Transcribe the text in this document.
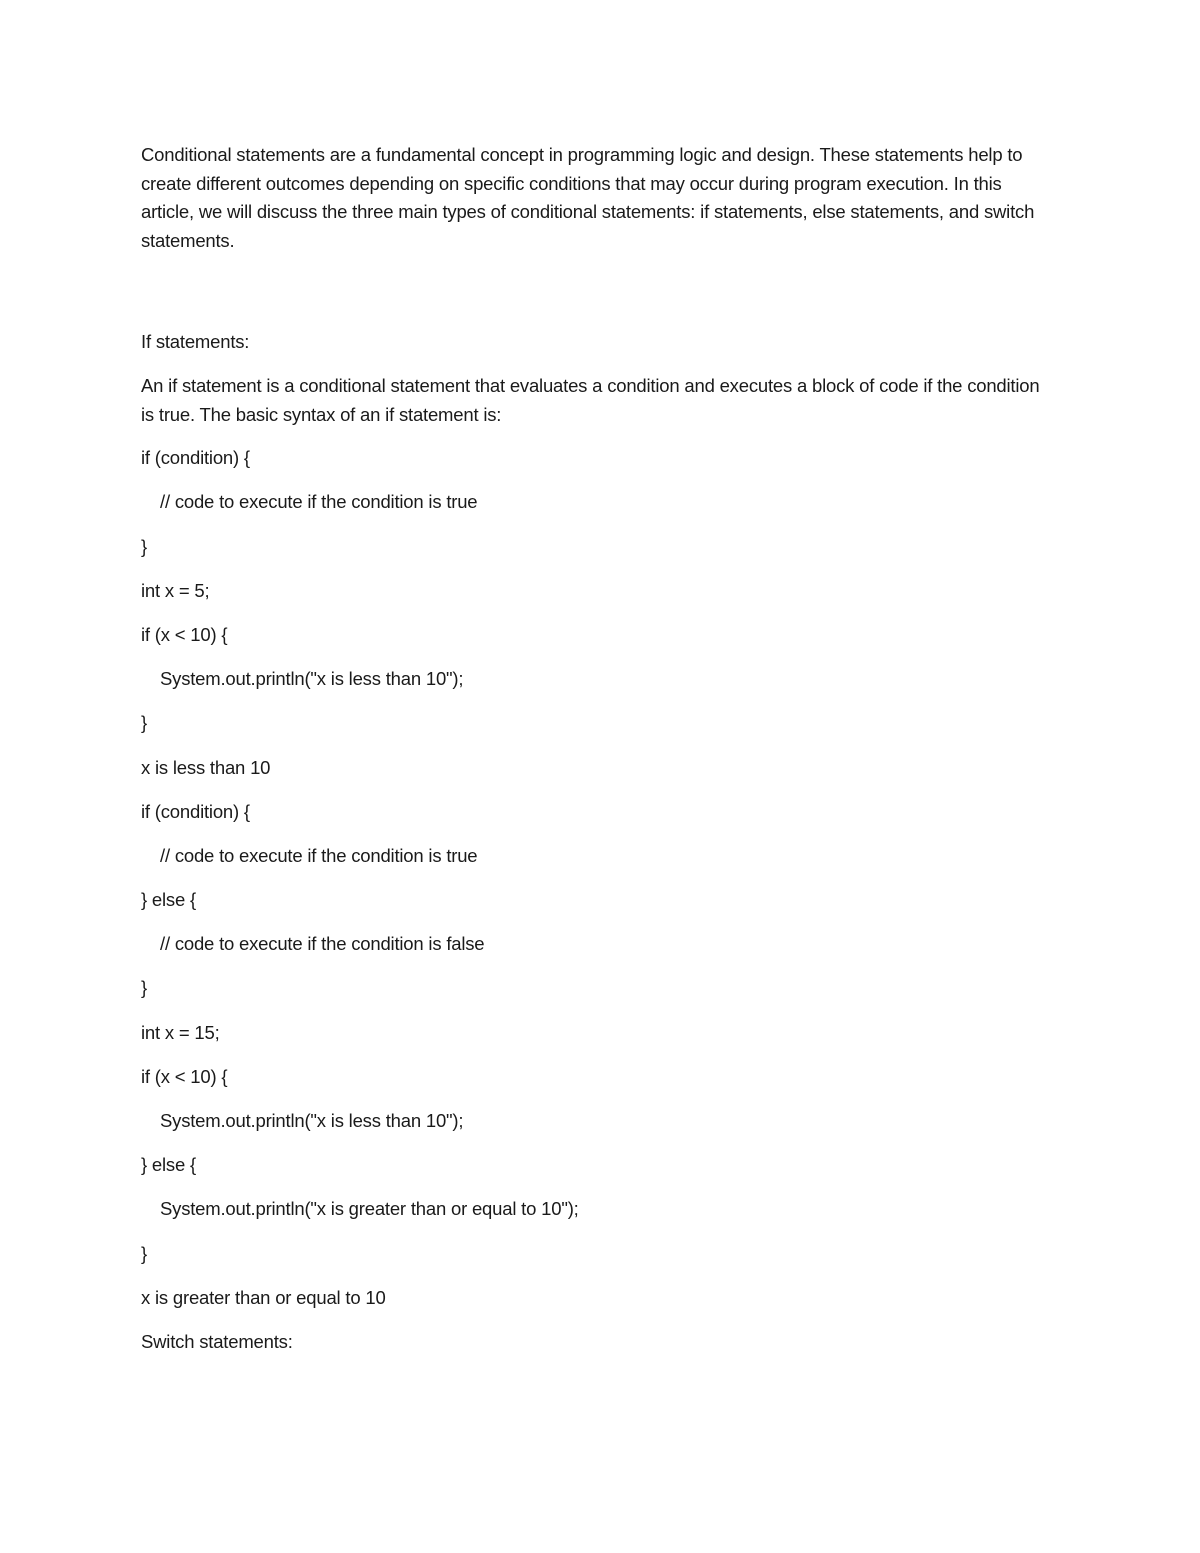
Conditional statements are a fundamental concept in programming logic and design. These statements help to create different outcomes depending on specific conditions that may occur during program execution. In this article, we will discuss the three main types of conditional statements: if statements, else statements, and switch statements.

If statements:

An if statement is a conditional statement that evaluates a condition and executes a block of code if the condition is true. The basic syntax of an if statement is:

if (condition) {
// code to execute if the condition is true
}
int x = 5;
if (x < 10) {
System.out.println("x is less than 10");
}
x is less than 10
if (condition) {
// code to execute if the condition is true
} else {
// code to execute if the condition is false
}
int x = 15;
if (x < 10) {
System.out.println("x is less than 10");
} else {
System.out.println("x is greater than or equal to 10");
}
x is greater than or equal to 10
Switch statements:
